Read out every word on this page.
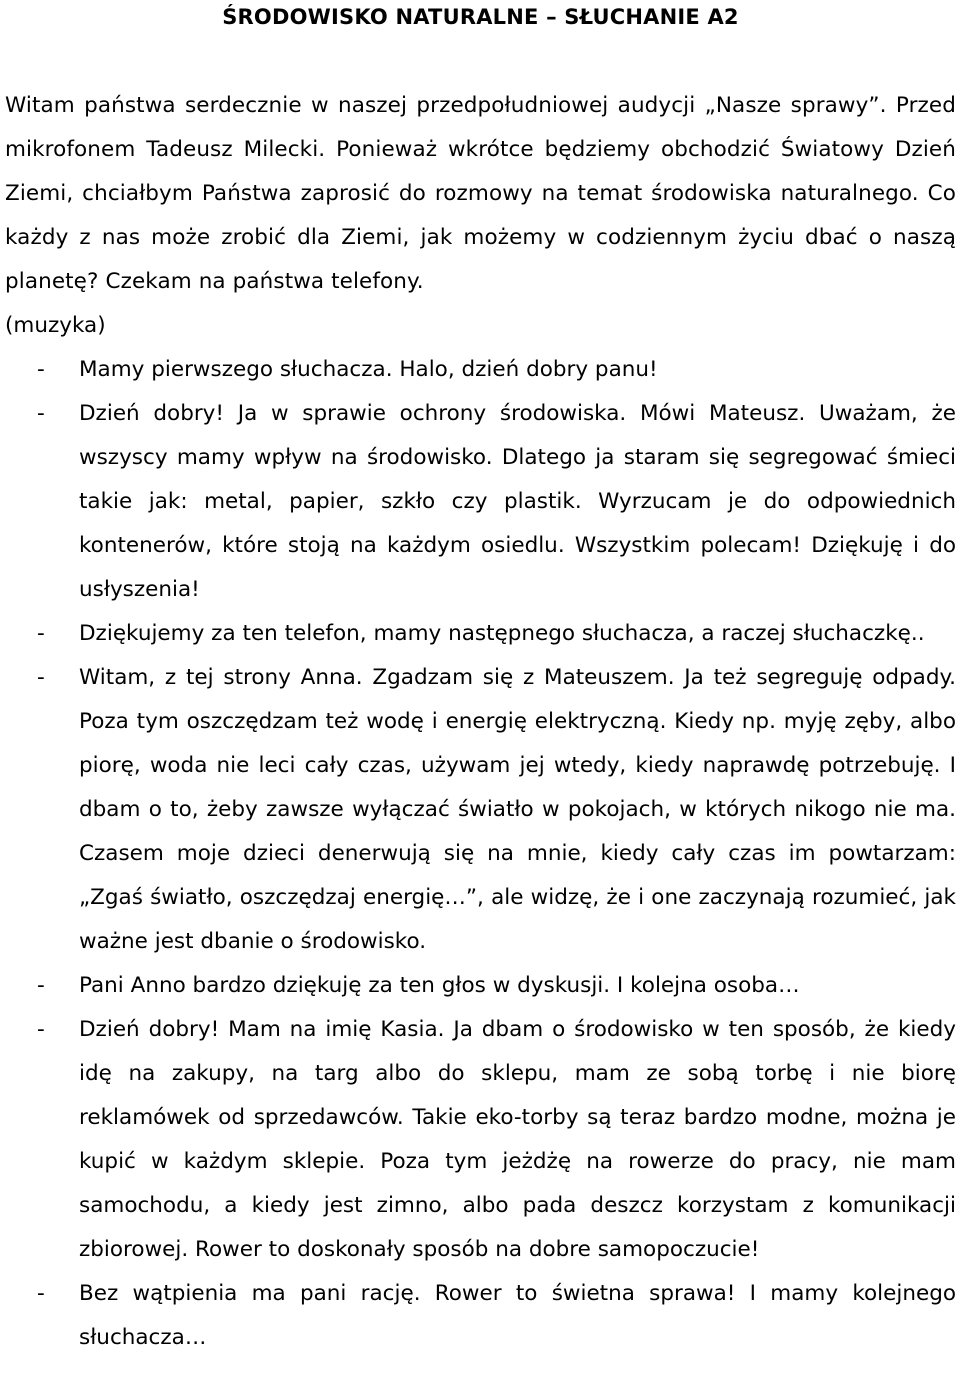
ŚRODOWISKO NATURALNE – SŁUCHANIE A2

Witam państwa serdecznie w naszej przedpołudniowej audycji „Nasze sprawy”. Przed mikrofonem Tadeusz Milecki. Ponieważ wkrótce będziemy obchodzić Światowy Dzień Ziemi, chciałbym Państwa zaprosić do rozmowy na temat środowiska naturalnego. Co każdy z nas może zrobić dla Ziemi, jak możemy w codziennym życiu dbać o naszą planetę? Czekam na państwa telefony.

(muzyka)

- Mamy pierwszego słuchacza. Halo, dzień dobry panu!
- Dzień dobry! Ja w sprawie ochrony środowiska. Mówi Mateusz. Uważam, że wszyscy mamy wpływ na środowisko. Dlatego ja staram się segregować śmieci takie jak: metal, papier, szkło czy plastik. Wyrzucam je do odpowiednich kontenerów, które stoją na każdym osiedlu. Wszystkim polecam! Dziękuję i do usłyszenia!
- Dziękujemy za ten telefon, mamy następnego słuchacza, a raczej słuchaczkę..
- Witam, z tej strony Anna. Zgadzam się z Mateuszem. Ja też segreguję odpady. Poza tym oszczędzam też wodę i energię elektryczną. Kiedy np. myję zęby, albo piorę, woda nie leci cały czas, używam jej wtedy, kiedy naprawdę potrzebuję. I dbam o to, żeby zawsze wyłączać światło w pokojach, w których nikogo nie ma. Czasem moje dzieci denerwują się na mnie, kiedy cały czas im powtarzam: „Zgaś światło, oszczędzaj energię…”, ale widzę, że i one zaczynają rozumieć, jak ważne jest dbanie o środowisko.
- Pani Anno bardzo dziękuję za ten głos w dyskusji. I kolejna osoba…
- Dzień dobry! Mam na imię Kasia. Ja dbam o środowisko w ten sposób, że kiedy idę na zakupy, na targ albo do sklepu, mam ze sobą torbę i nie biorę reklamówek od sprzedawców. Takie eko-torby są teraz bardzo modne, można je kupić w każdym sklepie. Poza tym jeżdżę na rowerze do pracy, nie mam samochodu, a kiedy jest zimno, albo pada deszcz korzystam z komunikacji zbiorowej. Rower to doskonały sposób na dobre samopoczucie!
- Bez wątpienia ma pani rację. Rower to świetna sprawa! I mamy kolejnego słuchacza…
